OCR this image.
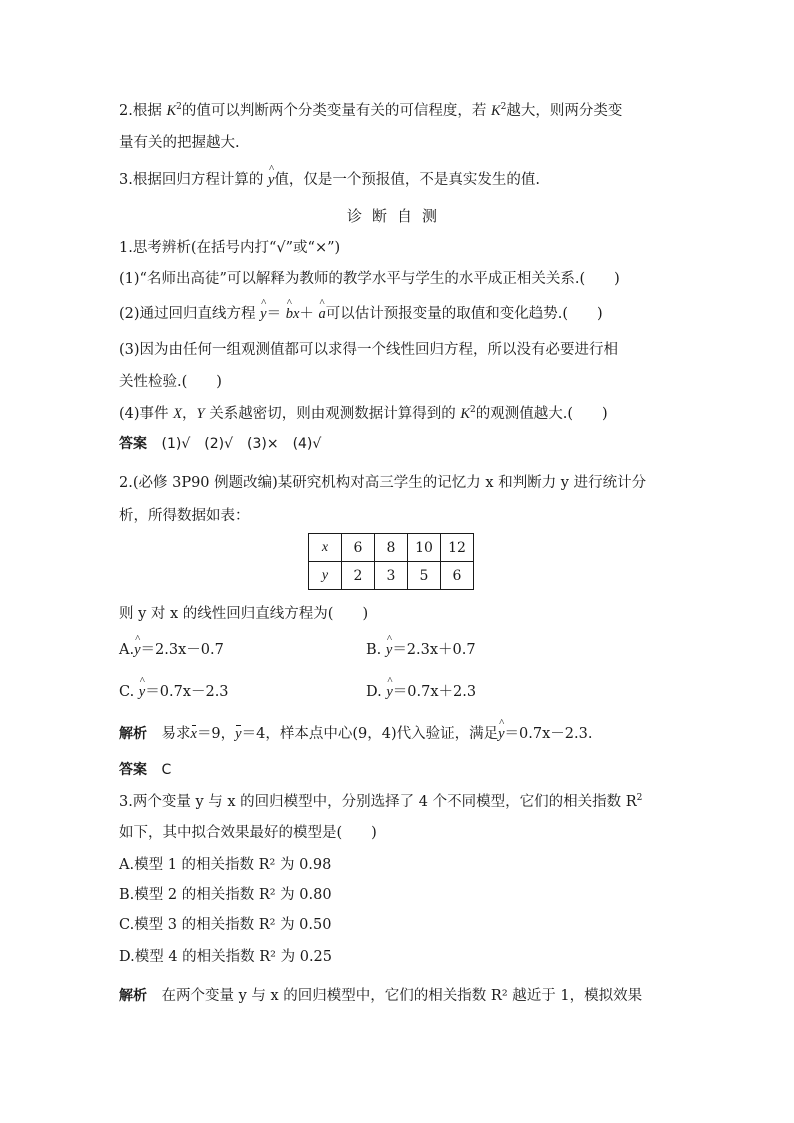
2.根据 $K^2$的值可以判断两个分类变量有关的可信程度，若 $K^2$越大，则两分类变
量有关的把握越大.
3.根据回归方程计算的 ^ y值，仅是一个预报值，不是真实发生的值.
诊断自测
1.思考辨析(在括号内打“√”或“×”)
(1)“名师出高徒”可以解释为教师的教学水平与学生的水平成正相关关系.(　　)
(2)通过回归直线方程 ^ y＝ ^ bx＋ ^ a可以估计预报变量的取值和变化趋势.(　　)
(3)因为由任何一组观测值都可以求得一个线性回归方程，所以没有必要进行相
关性检验.(　　)
(4)事件 X，Y 关系越密切，则由观测数据计算得到的 $K^2$的观测值越大.(　　)
答案　 (1)√　(2)√　(3)×　(4)√
2.(必修 3P90 例题改编)某研究机构对高三学生的记忆力 x 和判断力 y 进行统计分
析，所得数据如表：
x	6	8	10	12
y	2	3	5	6
则 y 对 x 的线性回归直线方程为(　　)
A.^ y＝2.3x－0.7	B. ^ y＝2.3x＋0.7
C. ^ y＝0.7x－2.3	D. ^ y＝0.7x＋2.3
解析　 易求x＝9，y＝4，样本点中心(9，4)代入验证，满足^ y＝0.7x－2.3.
答案　 C
3.两个变量 y 与 x 的回归模型中，分别选择了 4 个不同模型，它们的相关指数 $R^2$
如下，其中拟合效果最好的模型是(　　)
A.模型 1 的相关指数 R² 为 0.98
B.模型 2 的相关指数 R² 为 0.80
C.模型 3 的相关指数 R² 为 0.50
D.模型 4 的相关指数 R² 为 0.25
解析　 在两个变量 y 与 x 的回归模型中，它们的相关指数 R² 越近于 1，模拟效果
